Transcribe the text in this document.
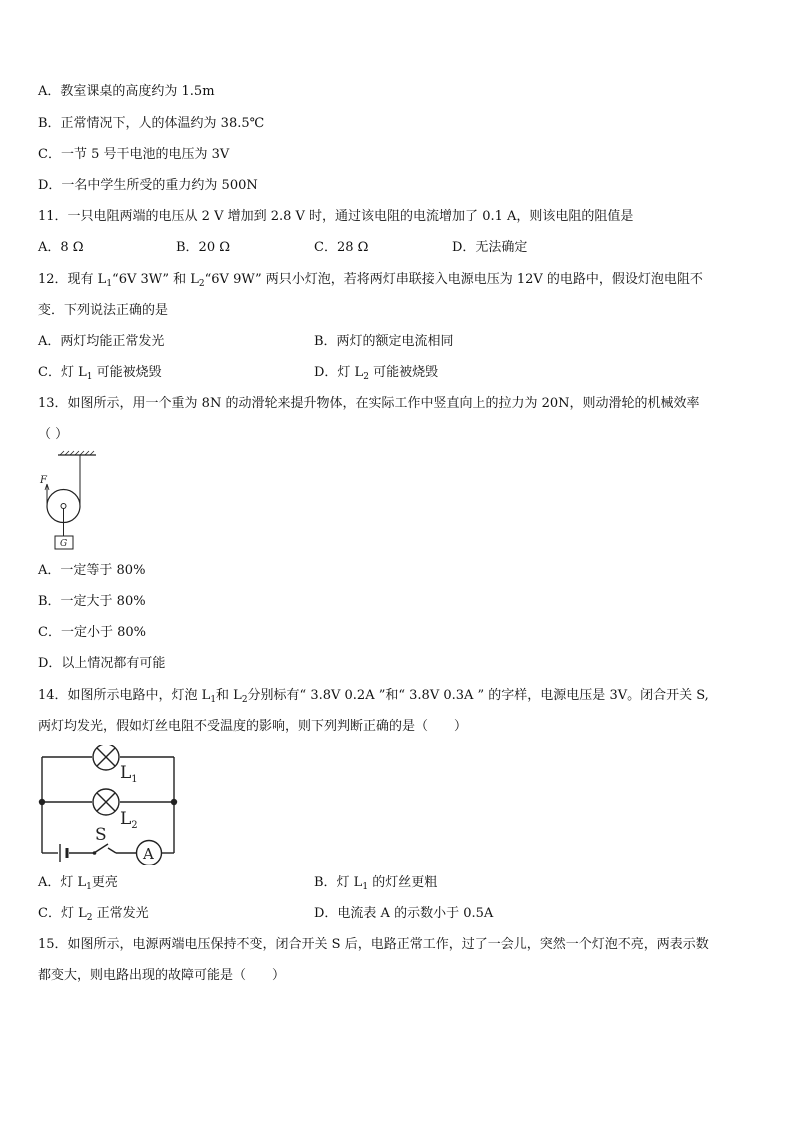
A．教室课桌的高度约为 1.5m
B．正常情况下，人的体温约为 38.5℃
C．一节 5 号干电池的电压为 3V
D．一名中学生所受的重力约为 500N
11．一只电阻两端的电压从 2 V 增加到 2.8 V 时，通过该电阻的电流增加了 0.1 A，则该电阻的阻值是
A．8 Ω	B．20 Ω	C．28 Ω	D．无法确定
12．现有 $L_1“6V$ 3W” 和 $L_2“6V$ 9W” 两只小灯泡，若将两灯串联接入电源电压为 12V 的电路中，假设灯泡电阻不
变．下列说法正确的是
A．两灯均能正常发光	B．两灯的额定电流相同
C．灯 $L_1$ 可能被烧毁	D．灯 $L_2$ 可能被烧毁
13．如图所示，用一个重为 8N 的动滑轮来提升物体，在实际工作中竖直向上的拉力为 20N，则动滑轮的机械效率
（ ）
F
G
A．一定等于 80%
B．一定大于 80%
C．一定小于 80%
D．以上情况都有可能
14．如图所示电路中，灯泡 $L_1$和 $L_2$分别标有“ 3.8V 0.2A ”和“ 3.8V 0.3A ” 的字样，电源电压是 3V。闭合开关 S,
两灯均发光，假如灯丝电阻不受温度的影响，则下列判断正确的是（　　）
$L_1$
$L_2$
S
A
A．灯 $L_1$更亮	B．灯 $L_1$ 的灯丝更粗
C．灯 $L_2$ 正常发光	D．电流表 A 的示数小于 0.5A
15．如图所示，电源两端电压保持不变，闭合开关 S 后，电路正常工作，过了一会儿，突然一个灯泡不亮，两表示数
都变大，则电路出现的故障可能是（　　）
